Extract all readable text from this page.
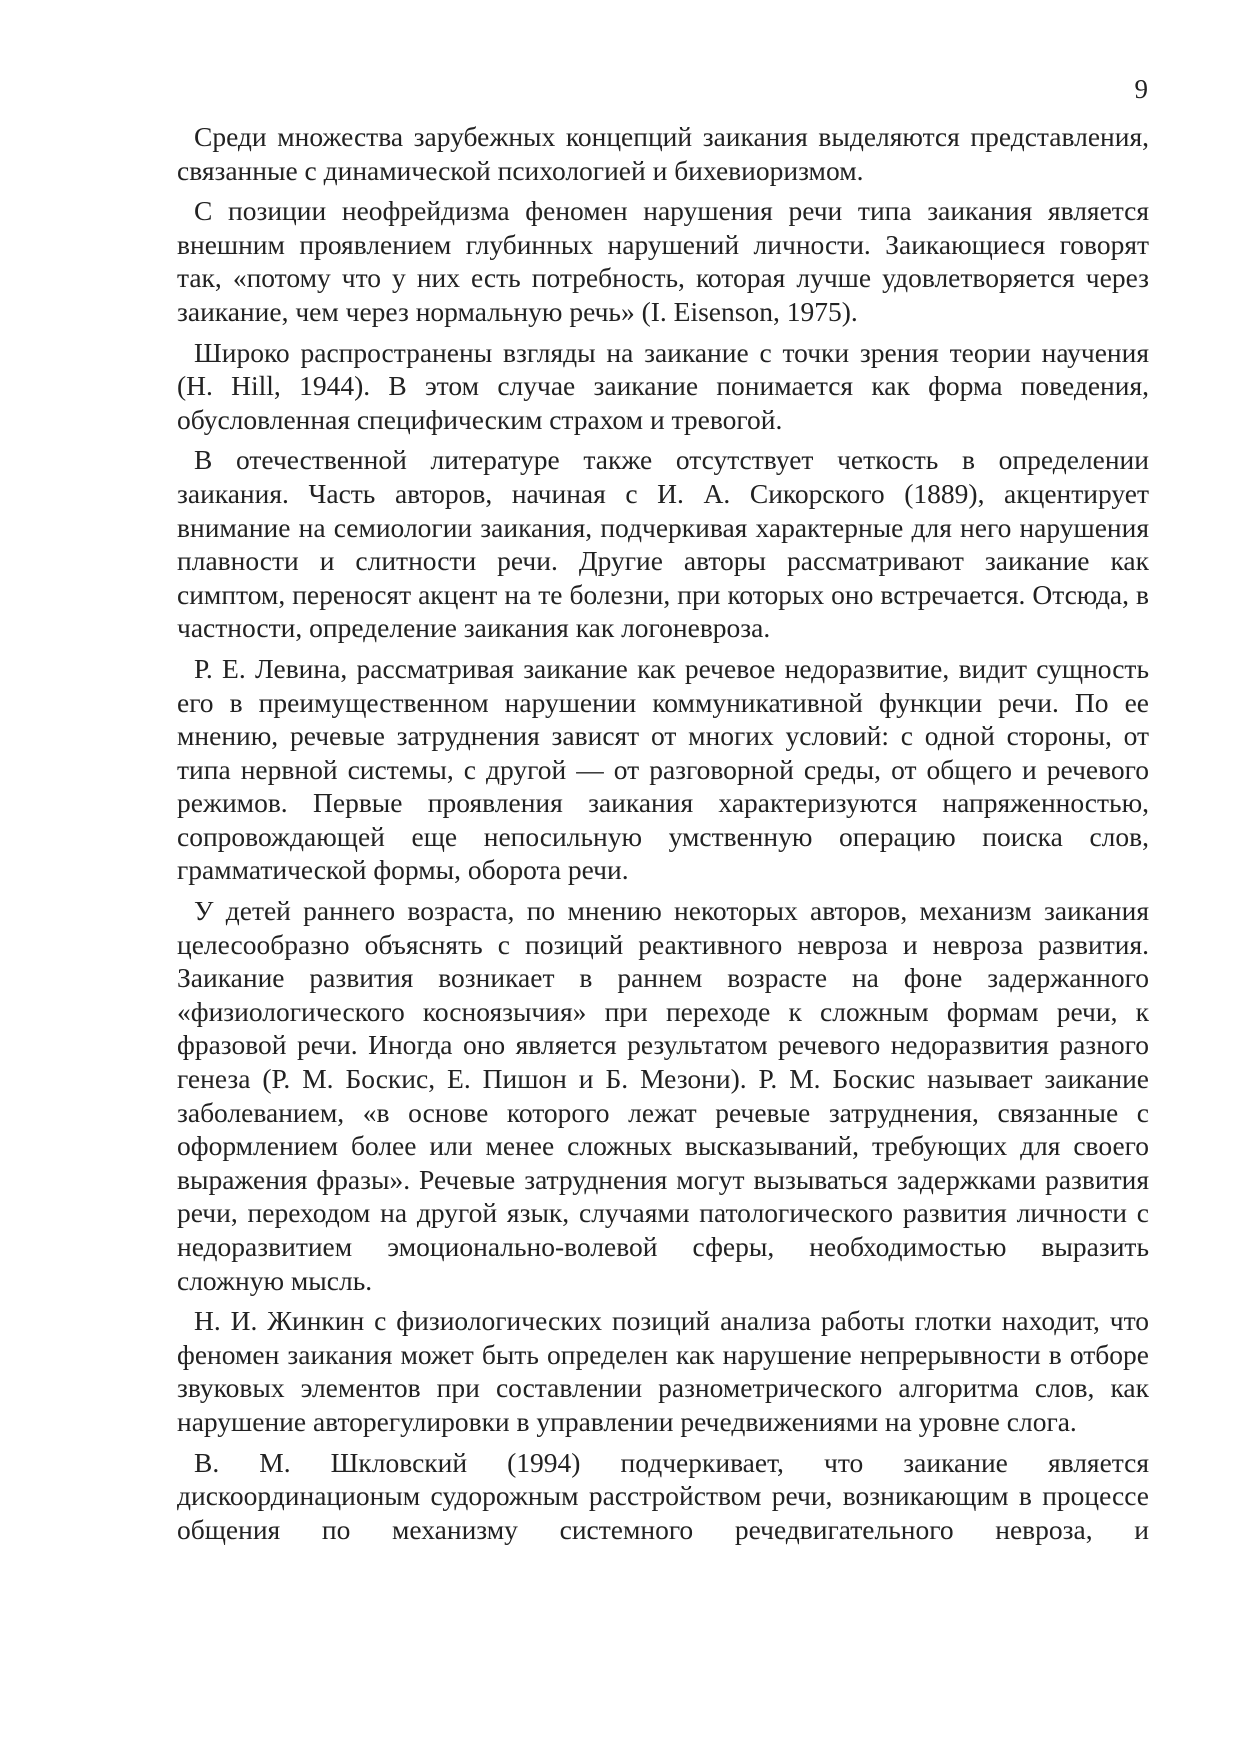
9

Среди множества зарубежных концепций заикания выделяются представления, связанные с динамической психологией и бихевиоризмом.

С позиции неофрейдизма феномен нарушения речи типа заикания является внешним проявлением глубинных нарушений личности. Заикающиеся говорят так, «потому что у них есть потребность, которая лучше удовлетворяется через заикание, чем через нормальную речь» (I. Eisenson, 1975).

Широко распространены взгляды на заикание с точки зрения теории научения (Н. Hill, 1944). В этом случае заикание понимается как форма поведения, обусловленная специфическим страхом и тревогой.

В отечественной литературе также отсутствует четкость в определении заикания. Часть авторов, начиная с И. А. Сикорского (1889), акцентирует внимание на семиологии заикания, подчеркивая характерные для него нарушения плавности и слитности речи. Другие авторы рассматривают заикание как симптом, переносят акцент на те болезни, при которых оно встречается. Отсюда, в частности, определение заикания как логоневроза.

Р. Е. Левина, рассматривая заикание как речевое недоразвитие, видит сущность его в преимущественном нарушении коммуникативной функции речи. По ее мнению, речевые затруднения зависят от многих условий: с одной стороны, от типа нервной системы, с другой — от разговорной среды, от общего и речевого режимов. Первые проявления заикания характеризуются напряженностью, сопровождающей еще непосильную умственную операцию поиска слов, грамматической формы, оборота речи.

У детей раннего возраста, по мнению некоторых авторов, механизм заикания целесообразно объяснять с позиций реактивного невроза и невроза развития. Заикание развития возникает в раннем возрасте на фоне задержанного «физиологического косноязычия» при переходе к сложным формам речи, к фразовой речи. Иногда оно является результатом речевого недоразвития разного генеза (Р. М. Боскис, Е. Пишон и Б. Мезони). Р. М. Боскис называет заикание заболеванием, «в основе которого лежат речевые затруднения, связанные с оформлением более или менее сложных высказываний, требующих для своего выражения фразы». Речевые затруднения могут вызываться задержками развития речи, переходом на другой язык, случаями патологического развития личности с недоразвитием эмоционально-волевой сферы, необходимостью выразить сложную мысль.

Н. И. Жинкин с физиологических позиций анализа работы глотки находит, что феномен заикания может быть определен как нарушение непрерывности в отборе звуковых элементов при составлении разнометрического алгоритма слов, как нарушение авторегулировки в управлении речедвижениями на уровне слога.

В. М. Шкловский (1994) подчеркивает, что заикание является дискоординационым судорожным расстройством речи, возникающим в процессе общения по механизму системного речедвигательного невроза, и
